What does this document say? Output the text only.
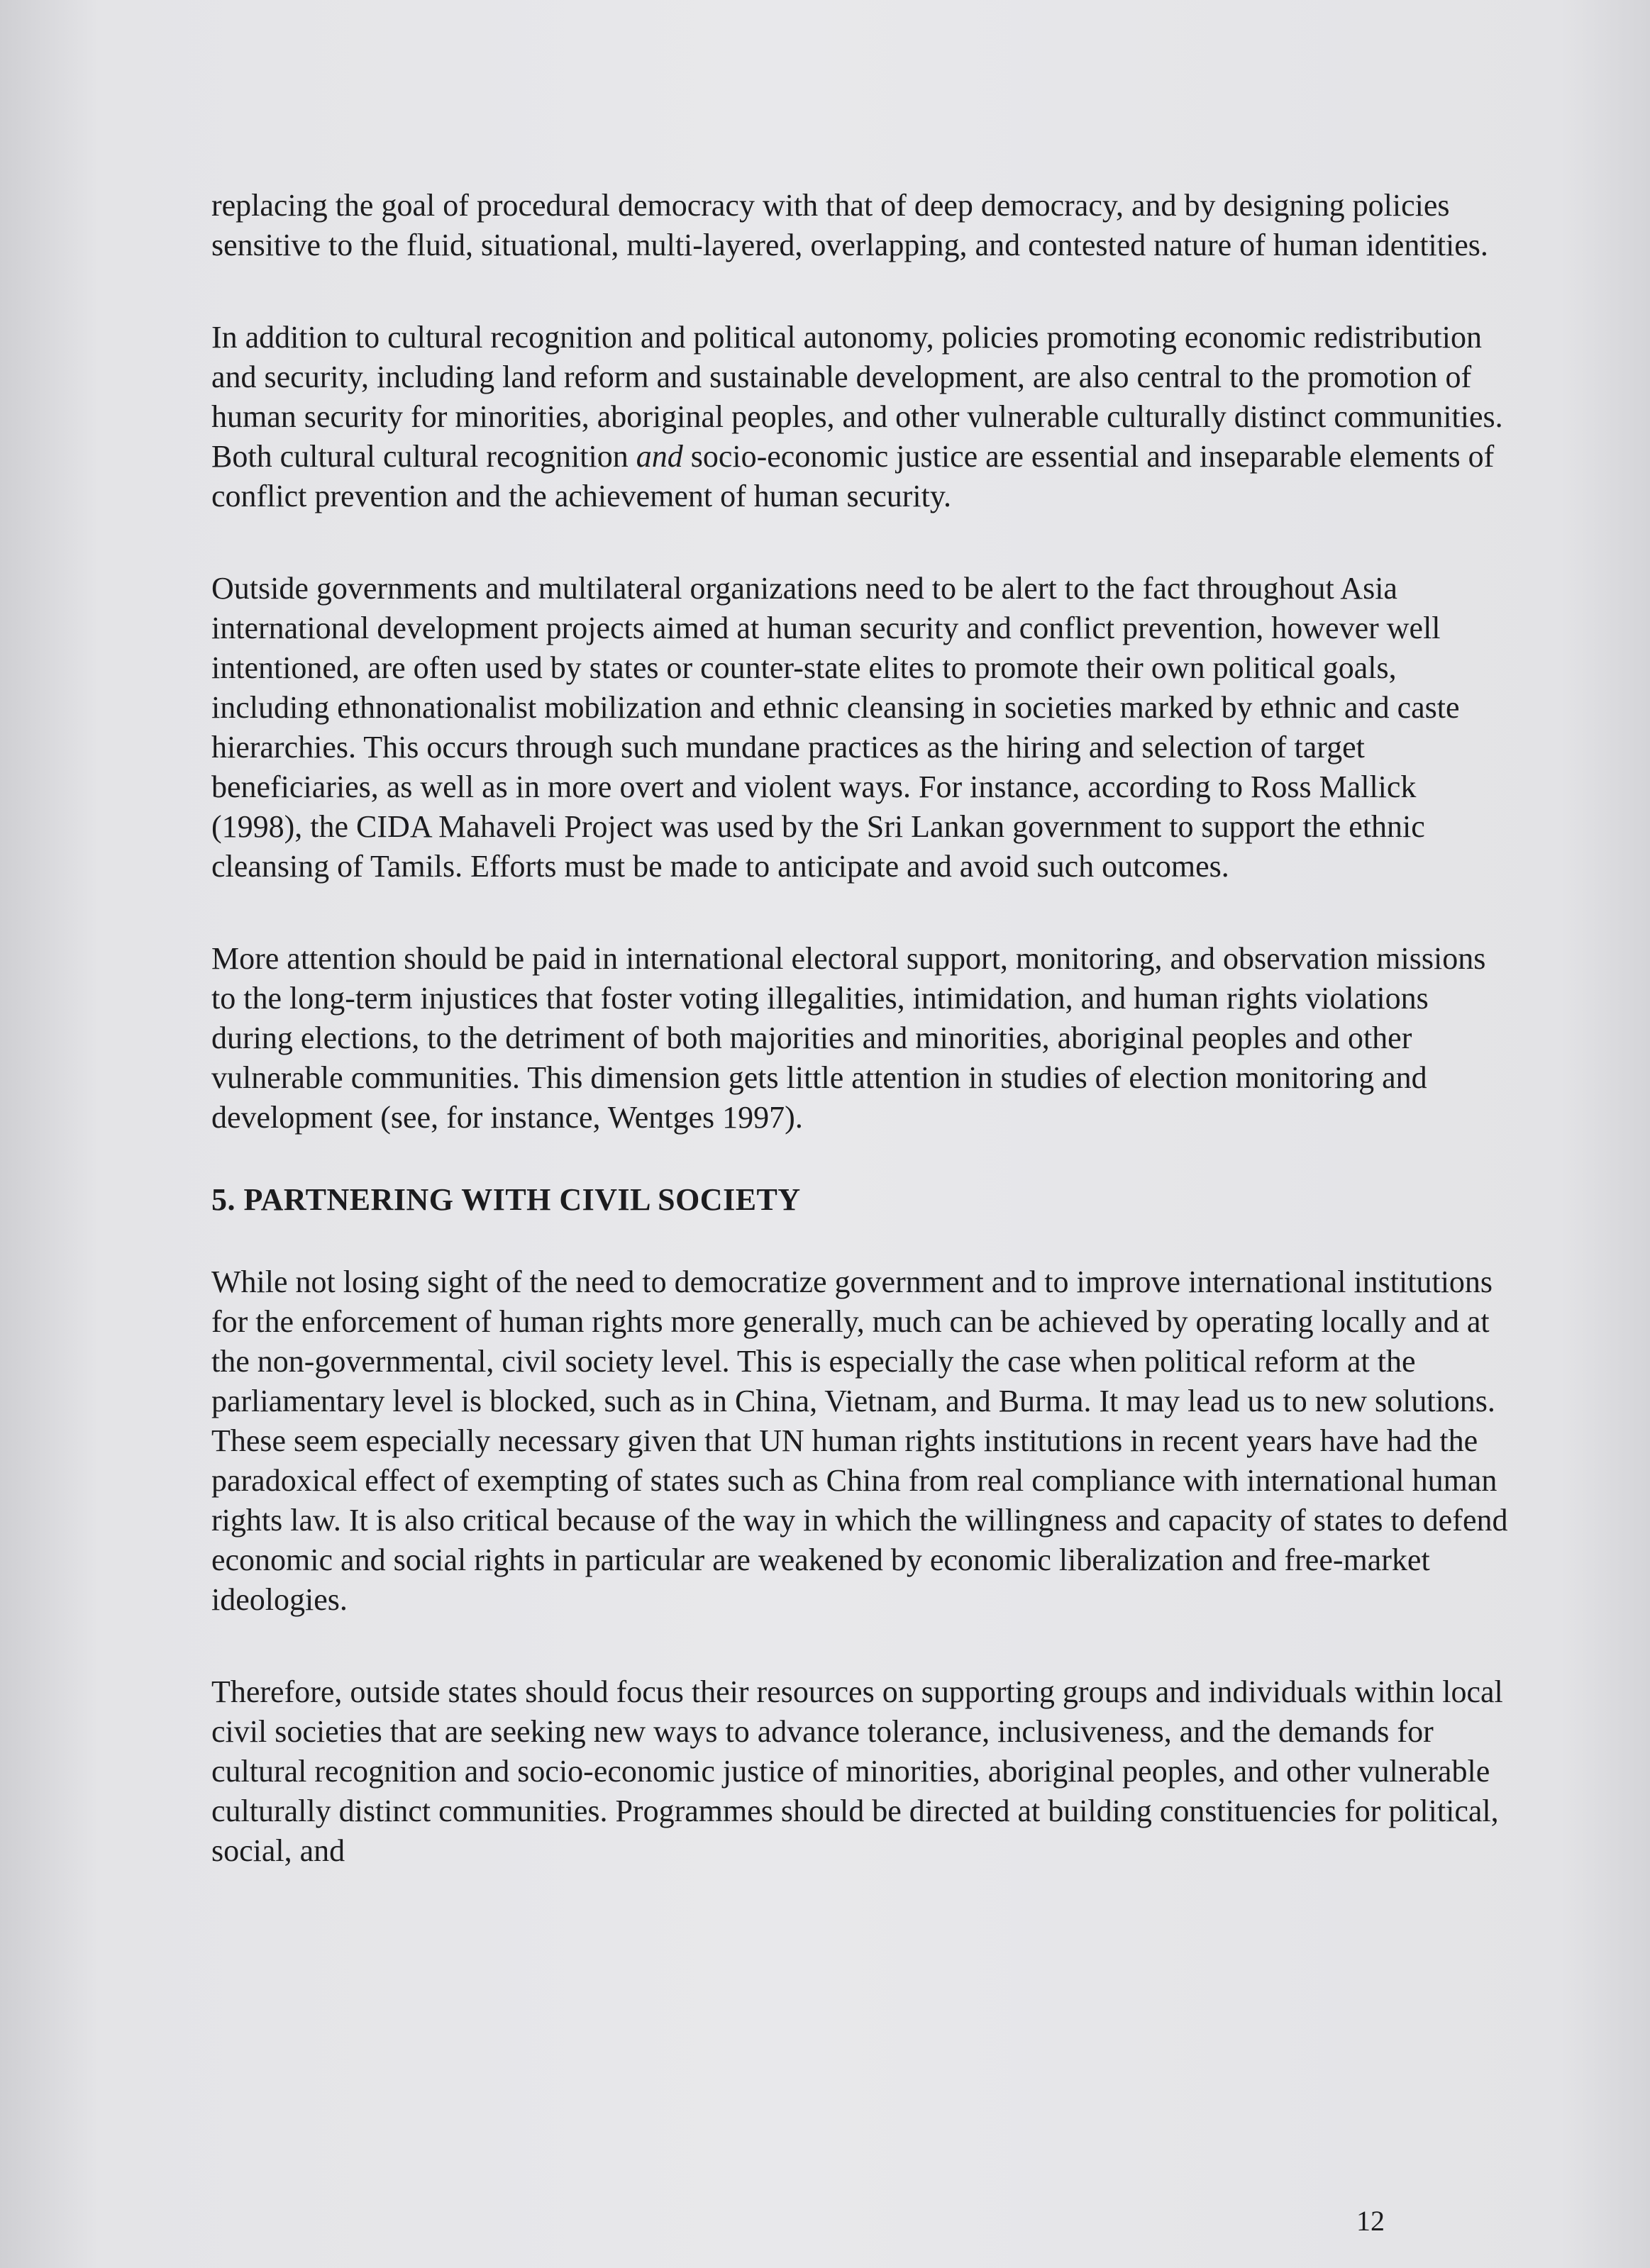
replacing the goal of procedural democracy with that of deep democracy, and by designing policies sensitive to the fluid, situational, multi-layered, overlapping, and contested nature of human identities.

In addition to cultural recognition and political autonomy, policies promoting economic redistribution and security, including land reform and sustainable development, are also central to the promotion of human security for minorities, aboriginal peoples, and other vulnerable culturally distinct communities. Both cultural cultural recognition and socio-economic justice are essential and inseparable elements of conflict prevention and the achievement of human security.

Outside governments and multilateral organizations need to be alert to the fact throughout Asia international development projects aimed at human security and conflict prevention, however well intentioned, are often used by states or counter-state elites to promote their own political goals, including ethnonationalist mobilization and ethnic cleansing in societies marked by ethnic and caste hierarchies. This occurs through such mundane practices as the hiring and selection of target beneficiaries, as well as in more overt and violent ways. For instance, according to Ross Mallick (1998), the CIDA Mahaveli Project was used by the Sri Lankan government to support the ethnic cleansing of Tamils. Efforts must be made to anticipate and avoid such outcomes.

More attention should be paid in international electoral support, monitoring, and observation missions to the long-term injustices that foster voting illegalities, intimidation, and human rights violations during elections, to the detriment of both majorities and minorities, aboriginal peoples and other vulnerable communities. This dimension gets little attention in studies of election monitoring and development (see, for instance, Wentges 1997).

5. PARTNERING WITH CIVIL SOCIETY

While not losing sight of the need to democratize government and to improve international institutions for the enforcement of human rights more generally, much can be achieved by operating locally and at the non-governmental, civil society level. This is especially the case when political reform at the parliamentary level is blocked, such as in China, Vietnam, and Burma. It may lead us to new solutions. These seem especially necessary given that UN human rights institutions in recent years have had the paradoxical effect of exempting of states such as China from real compliance with international human rights law. It is also critical because of the way in which the willingness and capacity of states to defend economic and social rights in particular are weakened by economic liberalization and free-market ideologies.

Therefore, outside states should focus their resources on supporting groups and individuals within local civil societies that are seeking new ways to advance tolerance, inclusiveness, and the demands for cultural recognition and socio-economic justice of minorities, aboriginal peoples, and other vulnerable culturally distinct communities. Programmes should be directed at building constituencies for political, social, and

12
